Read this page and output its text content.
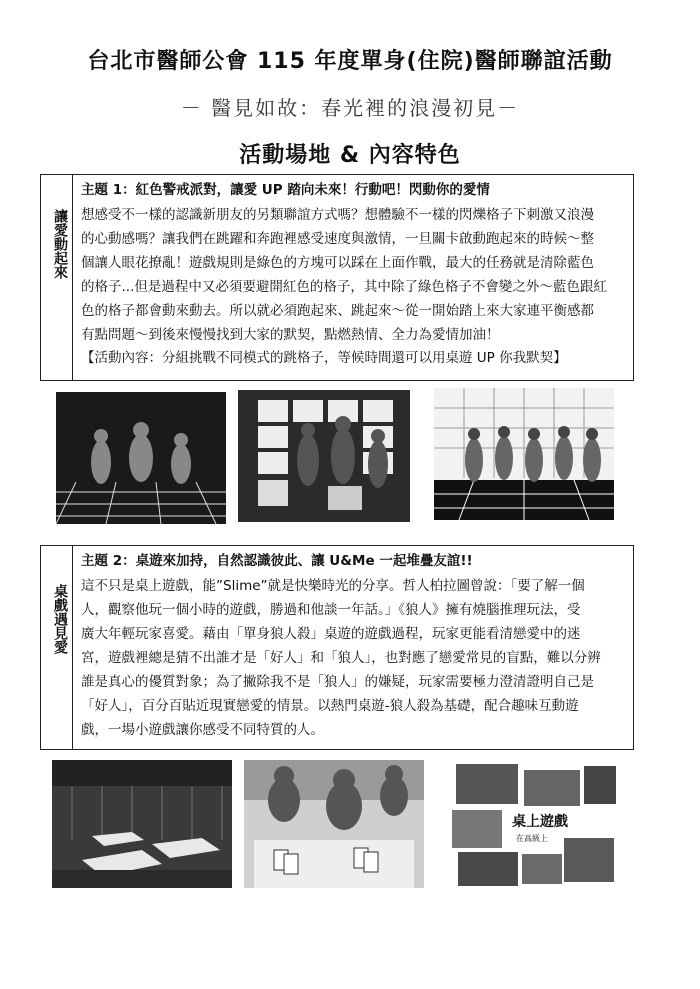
台北市醫師公會 115 年度單身(住院)醫師聯誼活動
－ 醫見如故：春光裡的浪漫初見－
活動場地 & 內容特色
讓愛動起來
主題 1：紅色警戒派對，讓愛 UP 踏向未來！行動吧！閃動你的愛情
想感受不一樣的認識新朋友的另類聯誼方式嗎？想體驗不一樣的閃爍格子下刺激又浪漫
的心動感嗎？讓我們在跳躍和奔跑裡感受速度與激情，一旦關卡啟動跑起來的時候～整
個讓人眼花撩亂！遊戲規則是綠色的方塊可以踩在上面作戰，最大的任務就是清除藍色
的格子...但是過程中又必須要避開紅色的格子，其中除了綠色格子不會變之外～藍色跟紅
色的格子都會動來動去。所以就必須跑起來、跳起來～從一開始踏上來大家連平衡感都
有點問題～到後來慢慢找到大家的默契，點燃熱情、全力為愛情加油！
【活動內容：分組挑戰不同模式的跳格子，等候時間還可以用桌遊 UP 你我默契】
桌戲遇見愛
主題 2：桌遊來加持，自然認識彼此、讓 U&Me 一起堆疊友誼!!
這不只是桌上遊戲，能”Slime”就是快樂時光的分享。哲人柏拉圖曾說：「要了解一個
人，觀察他玩一個小時的遊戲，勝過和他談一年話。」《狼人》擁有燒腦推理玩法，受
廣大年輕玩家喜愛。藉由「單身狼人殺」桌遊的遊戲過程，玩家更能看清戀愛中的迷
宮，遊戲裡總是猜不出誰才是「好人」和「狼人」，也對應了戀愛常見的盲點，難以分辨
誰是真心的優質對象；為了撇除我不是「狼人」的嫌疑，玩家需要極力澄清證明自己是
「好人」，百分百貼近現實戀愛的情景。以熱門桌遊-狼人殺為基礎，配合趣味互動遊
戲，一場小遊戲讓你感受不同特質的人。
桌上遊戲
在高級上
